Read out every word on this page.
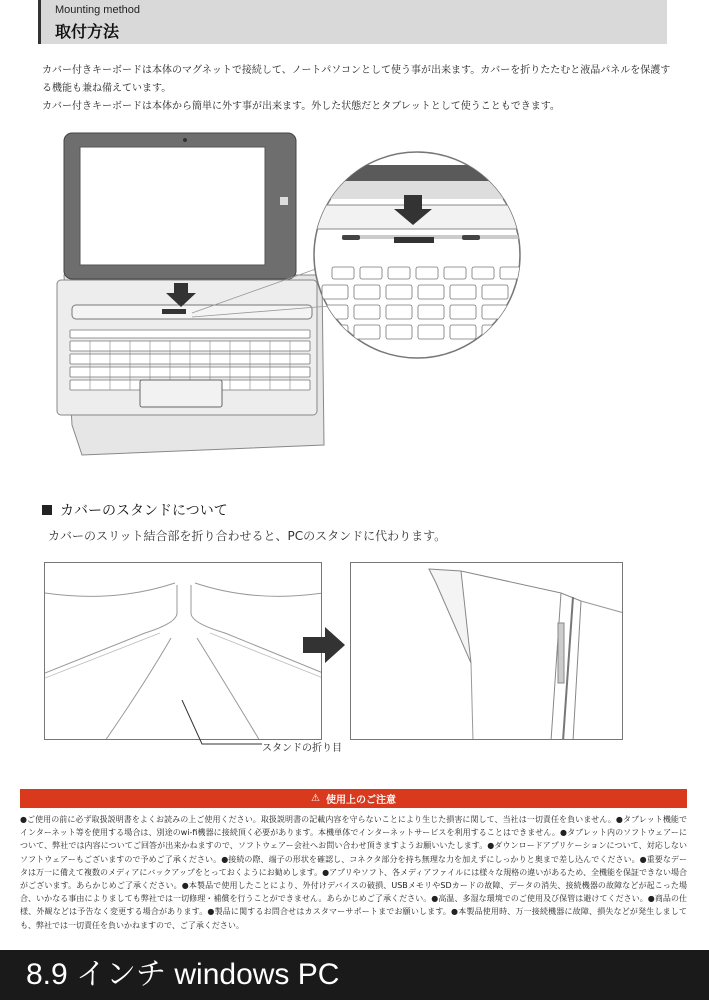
Mounting method
取付方法

カバー付きキーボードは本体のマグネットで接続して、ノートパソコンとして使う事が出来ます。カバーを折りたたむと液晶パネルを保護する機能も兼ね備えています。

カバー付きキーボードは本体から簡単に外す事が出来ます。外した状態だとタブレットとして使うこともできます。

カバーのスタンドについて
カバーのスリット結合部を折り合わせると、PCのスタンドに代わります。
スタンドの折り目
⚠ 使用上のご注意
●ご使用の前に必ず取扱説明書をよくお読みの上ご使用ください。取扱説明書の記載内容を守らないことにより生じた損害に関して、当社は一切責任を負いません。●タブレット機能でインターネット等を使用する場合は、別途のwi-fi機器に接続頂く必要があります。本機単体でインターネットサービスを利用することはできません。●タブレット内のソフトウェアーについて、弊社では内容についてご回答が出来かねますので、ソフトウェアー会社へお問い合わせ頂きますようお願いいたします。●ダウンロードアプリケーションについて、対応しないソフトウェアーもございますので予めご了承ください。●接続の際、端子の形状を確認し、コネクタ部分を持ち無理な力を加えずにしっかりと奥まで差し込んでください。●重要なデータは万一に備えて複数のメディアにバックアップをとっておくようにお勧めします。●アプリやソフト、各メディアファイルには様々な規格の違いがあるため、全機能を保証できない場合がございます。あらかじめご了承ください。●本製品で使用したことにより、外付けデバイスの破損、USBメモリやSDカードの故障、データの消失、接続機器の故障などが起こった場合、いかなる事由によりましても弊社では一切修理・補償を行うことができません。あらかじめご了承ください。●高温、多湿な環境でのご使用及び保管は避けてください。●商品の仕様、外観などは予告なく変更する場合があります。●製品に関するお問合せはカスタマーサポートまでお願いします。●本製品使用時、万一接続機器に故障、損失などが発生しましても、弊社では一切責任を負いかねますので、ご了承ください。
8.9 インチ windows PC
